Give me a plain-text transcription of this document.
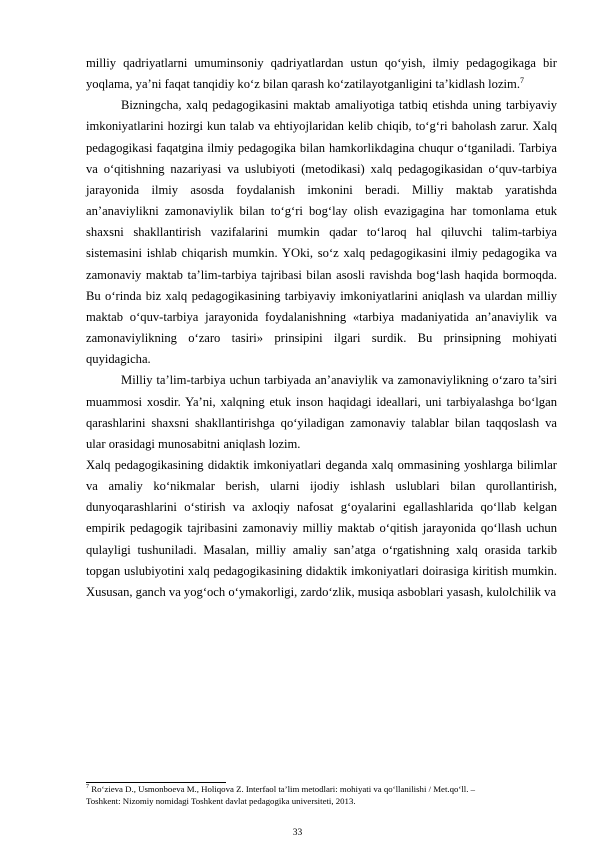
milliy qadriyatlarni umuminsoniy qadriyatlardan ustun qo‘yish, ilmiy pedagogikaga bir yoqlama, ya’ni faqat tanqidiy ko‘z bilan qarash ko‘zatilayotganligini ta’kidlash lozim.$^7$

Bizningcha, xalq pedagogikasini maktab amaliyotiga tatbiq etishda uning tarbiyaviy imkoniyatlarini hozirgi kun talab va ehtiyojlaridan kelib chiqib, to‘g‘ri baholash zarur. Xalq pedagogikasi faqatgina ilmiy pedagogika bilan hamkorlikdagina chuqur o‘tganiladi. Tarbiya va o‘qitishning nazariyasi va uslubiyoti (metodikasi) xalq pedagogikasidan o‘quv-tarbiya jarayonida ilmiy asosda foydalanish imkonini beradi. Milliy maktab yaratishda an’anaviylikni zamonaviylik bilan to‘g‘ri bog‘lay olish evazigagina har tomonlama etuk shaxsni shakllantirish vazifalarini mumkin qadar to‘laroq hal qiluvchi talim-tarbiya sistemasini ishlab chiqarish mumkin. YOki, so‘z xalq pedagogikasini ilmiy pedagogika va zamonaviy maktab ta’lim-tarbiya tajribasi bilan asosli ravishda bog‘lash haqida bormoqda. Bu o‘rinda biz xalq pedagogikasining tarbiyaviy imkoniyatlarini aniqlash va ulardan milliy maktab o‘quv-tarbiya jarayonida foydalanishning «tarbiya madaniyatida an’anaviylik va zamonaviylikning o‘zaro tasiri» prinsipini ilgari surdik. Bu prinsipning mohiyati quyidagicha.

Milliy ta’lim-tarbiya uchun tarbiyada an’anaviylik va zamonaviylikning o‘zaro ta’siri muammosi xosdir. Ya’ni, xalqning etuk inson haqidagi ideallari, uni tarbiyalashga bo‘lgan qarashlarini shaxsni shakllantirishga qo‘yiladigan zamonaviy talablar bilan taqqoslash va ular orasidagi munosabitni aniqlash lozim.

Xalq pedagogikasining didaktik imkoniyatlari deganda xalq ommasining yoshlarga bilimlar va amaliy ko‘nikmalar berish, ularni ijodiy ishlash uslublari bilan qurollantirish, dunyoqarashlarini o‘stirish va axloqiy nafosat g‘oyalarini egallashlarida qo‘llab kelgan empirik pedagogik tajribasini zamonaviy milliy maktab o‘qitish jarayonida qo‘llash uchun qulayligi tushuniladi. Masalan, milliy amaliy san’atga o‘rgatishning xalq orasida tarkib topgan uslubiyotini xalq pedagogikasining didaktik imkoniyatlari doirasiga kiritish mumkin. Xususan, ganch va yog‘och o‘ymakorligi, zardo‘zlik, musiqa asboblari yasash, kulolchilik va

$^7$ Ro‘zieva D., Usmonboeva M., Holiqova Z. Interfaol ta’lim metodlari: mohiyati va qo‘llanilishi / Met.qo‘ll. –
Toshkent: Nizomiy nomidagi Toshkent davlat pedagogika universiteti, 2013.
33
